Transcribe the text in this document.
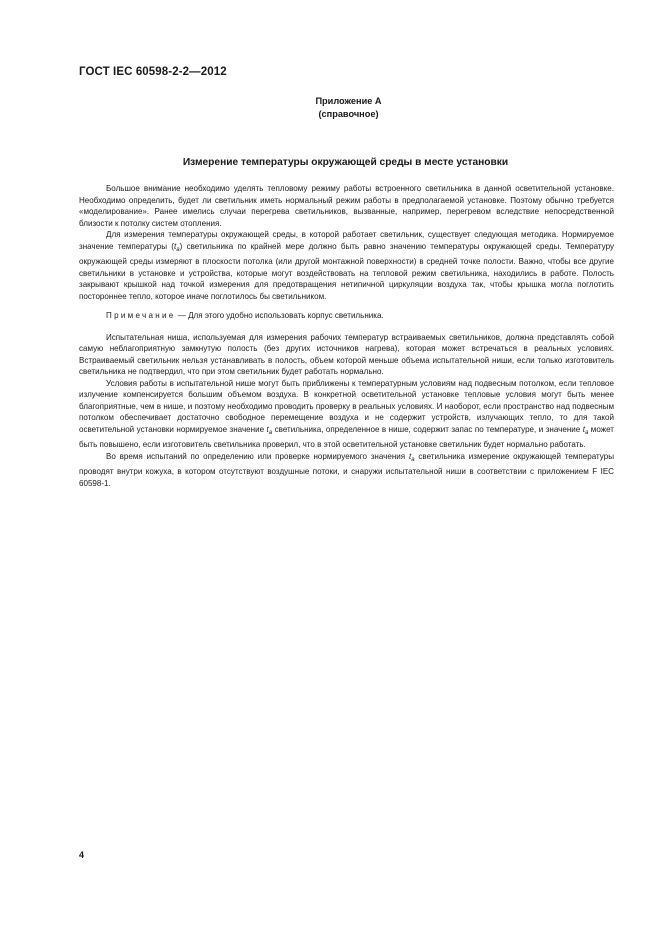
ГОСТ IEC 60598-2-2—2012
Приложение А
(справочное)
Измерение температуры окружающей среды в месте установки

Большое внимание необходимо уделять тепловому режиму работы встроенного светильника в данной осветительной установке. Необходимо определить, будет ли светильник иметь нормальный режим работы в предполагаемой установке. Поэтому обычно требуется «моделирование». Ранее имелись случаи перегрева светильников, вызванные, например, перегревом вследствие непосредственной близости к потолку систем отопления.

Для измерения температуры окружающей среды, в которой работает светильник, существует следующая методика. Нормируемое значение температуры $(t_a)$ светильника по крайней мере должно быть равно значению температуры окружающей среды. Температуру окружающей среды измеряют в плоскости потолка (или другой монтажной поверхности) в средней точке полости. Важно, чтобы все другие светильники в установке и устройства, которые могут воздействовать на тепловой режим светильника, находились в работе. Полость закрывают крышкой над точкой измерения для предотвращения нетипичной циркуляции воздуха так, чтобы крышка могла поглотить постороннее тепло, которое иначе поглотилось бы светильником.

Примечание — Для этого удобно использовать корпус светильника.

Испытательная ниша, используемая для измерения рабочих температур встраиваемых светильников, должна представлять собой самую неблагоприятную замкнутую полость (без других источников нагрева), которая может встречаться в реальных условиях. Встраиваемый светильник нельзя устанавливать в полость, объем которой меньше объема испытательной ниши, если только изготовитель светильника не подтвердил, что при этом светильник будет работать нормально.

Условия работы в испытательной нише могут быть приближены к температурным условиям над подвесным потолком, если тепловое излучение компенсируется большим объемом воздуха. В конкретной осветительной установке тепловые условия могут быть менее благоприятные, чем в нише, и поэтому необходимо проводить проверку в реальных условиях. И наоборот, если пространство над подвесным потолком обеспечивает достаточно свободное перемещение воздуха и не содержит устройств, излучающих тепло, то для такой осветительной установки нормируемое значение $t_a$ светильника, определенное в нише, содержит запас по температуре, и значение $t_a$ может быть повышено, если изготовитель светильника проверил, что в этой осветительной установке светильник будет нормально работать.

Во время испытаний по определению или проверке нормируемого значения $t_a$ светильника измерение окружающей температуры проводят внутри кожуха, в котором отсутствуют воздушные потоки, и снаружи испытательной ниши в соответствии с приложением F IEC 60598-1.

4
